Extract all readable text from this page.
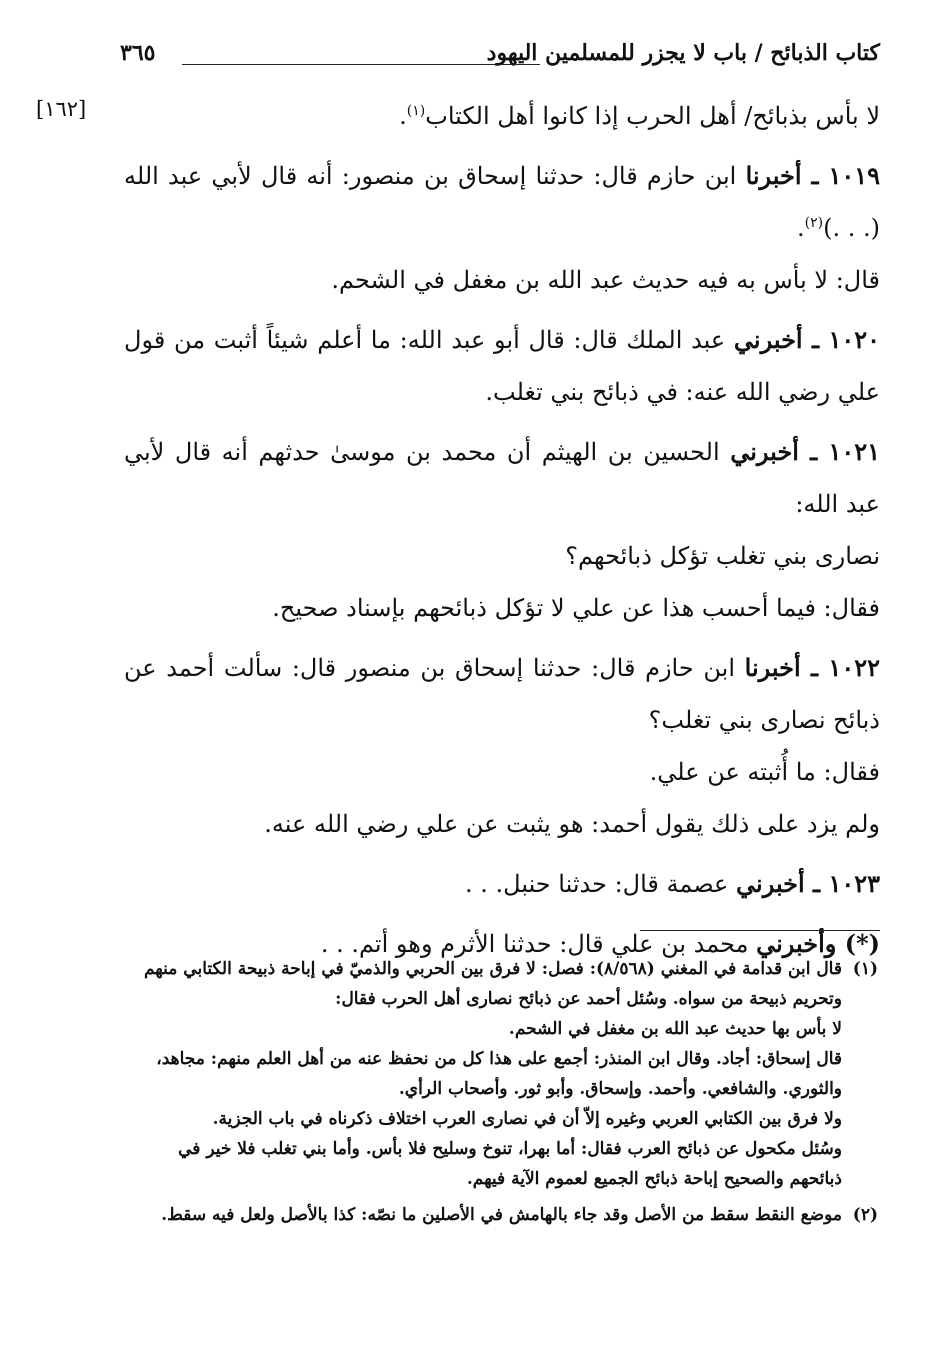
كتاب الذبائح / باب لا يجزر للمسلمين اليهود
٣٦٥
[١٦٢]	لا بأس بذبائح/ أهل الحرب إذا كانوا أهل الكتاب$^{(١)}$.

١٠١٩ ـ أخبرنا ابن حازم قال: حدثنا إسحاق بن منصور: أنه قال لأبي عبد الله (. . .)$^{(٢)}$.

قال: لا بأس به فيه حديث عبد الله بن مغفل في الشحم.

١٠٢٠ ـ أخبرني عبد الملك قال: قال أبو عبد الله: ما أعلم شيئاً أثبت من قول علي رضي الله عنه: في ذبائح بني تغلب.

١٠٢١ ـ أخبرني الحسين بن الهيثم أن محمد بن موسىٰ حدثهم أنه قال لأبي عبد الله:

نصارى بني تغلب تؤكل ذبائحهم؟

فقال: فيما أحسب هذا عن علي لا تؤكل ذبائحهم بإسناد صحيح.

١٠٢٢ ـ أخبرنا ابن حازم قال: حدثنا إسحاق بن منصور قال: سألت أحمد عن ذبائح نصارى بني تغلب؟

فقال: ما أُثبته عن علي.

ولم يزد على ذلك يقول أحمد: هو يثبت عن علي رضي الله عنه.

١٠٢٣ ـ أخبرني عصمة قال: حدثنا حنبل. . .

(*) وأخبرني محمد بن علي قال: حدثنا الأثرم وهو أتم. . .

(١)

قال ابن قدامة في المغني (٨/٥٦٨): فصل: لا فرق بين الحربي والذميّ في إباحة ذبيحة الكتابي منهم وتحريم ذبيحة من سواه. وسُئل أحمد عن ذبائح نصارى أهل الحرب فقال:

لا بأس بها حديث عبد الله بن مغفل في الشحم.

قال إسحاق: أجاد. وقال ابن المنذر: أجمع على هذا كل من نحفظ عنه من أهل العلم منهم: مجاهد، والثوري. والشافعي. وأحمد. وإسحاق. وأبو ثور. وأصحاب الرأي.

ولا فرق بين الكتابي العربي وغيره إلاّ أن في نصارى العرب اختلاف ذكرناه في باب الجزية.

وسُئل مكحول عن ذبائح العرب فقال: أما بهرا، تنوخ وسليح فلا بأس. وأما بني تغلب فلا خير في ذبائحهم والصحيح إباحة ذبائح الجميع لعموم الآية فيهم.

(٢)

موضع النقط سقط من الأصل وقد جاء بالهامش في الأصلين ما نصّه: كذا بالأصل ولعل فيه سقط.
